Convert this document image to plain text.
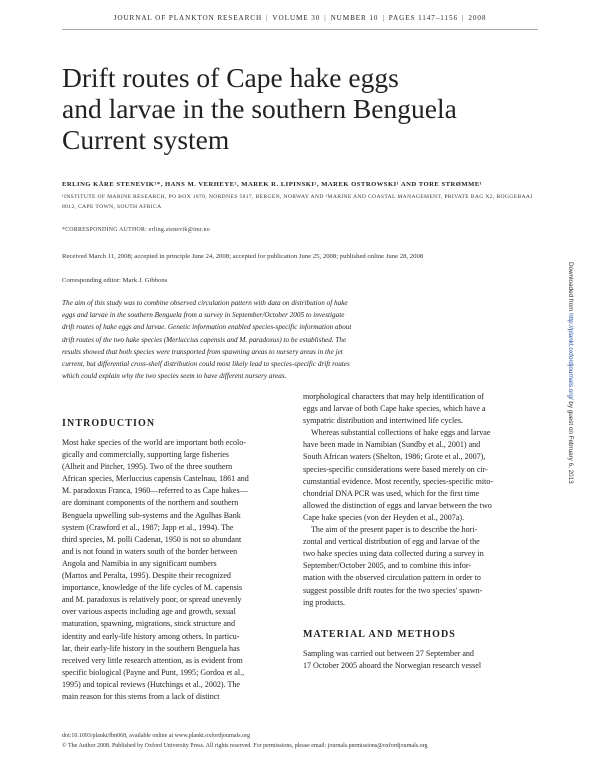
JOURNAL OF PLANKTON RESEARCH | VOLUME 30 | NUMBER 10 | PAGES 1147–1156 | 2008
Drift routes of Cape hake eggs
and larvae in the southern Benguela
Current system
ERLING KÅRE STENEVIK¹*, HANS M. VERHEYE², MAREK R. LIPINSKI², MAREK OSTROWSKI¹ AND TORE STRØMME¹
¹INSTITUTE OF MARINE RESEARCH, PO BOX 1870, NORDNES 5817, BERGEN, NORWAY AND ²MARINE AND COASTAL MANAGEMENT, PRIVATE BAG X2, ROGGEBAAI
8012, CAPE TOWN, SOUTH AFRICA
*CORRESPONDING AUTHOR: erling.stenevik@imr.no
Received March 11, 2008; accepted in principle June 24, 2008; accepted for publication June 25, 2008; published online June 28, 2008
Corresponding editor: Mark J. Gibbons
The aim of this study was to combine observed circulation pattern with data on distribution of hake
eggs and larvae in the southern Benguela from a survey in September/October 2005 to investigate
drift routes of hake eggs and larvae. Genetic information enabled species-specific information about
drift routes of the two hake species (Merluccius capensis and M. paradoxus) to be established. The
results showed that both species were transported from spawning areas to nursery areas in the jet
current, but differential cross-shelf distribution could most likely lead to species-specific drift routes
which could explain why the two species seem to have different nursery areas.
Downloaded from http://plankt.oxfordjournals.org/ by guest on February 6, 2013
INTRODUCTION
Most hake species of the world are important both ecolo-
gically and commercially, supporting large fisheries
(Alheit and Pitcher, 1995). Two of the three southern
African species, Merluccius capensis Castelnau, 1861 and
M. paradoxus Franca, 1960—referred to as Cape hakes—
are dominant components of the northern and southern
Benguela upwelling sub-systems and the Agulhas Bank
system (Crawford et al., 1987; Japp et al., 1994). The
third species, M. polli Cadenat, 1950 is not so abundant
and is not found in waters south of the border between
Angola and Namibia in any significant numbers
(Martos and Peralta, 1995). Despite their recognized
importance, knowledge of the life cycles of M. capensis
and M. paradoxus is relatively poor, or spread unevenly
over various aspects including age and growth, sexual
maturation, spawning, migrations, stock structure and
identity and early-life history among others. In particu-
lar, their early-life history in the southern Benguela has
received very little research attention, as is evident from
specific biological (Payne and Punt, 1995; Gordoa et al.,
1995) and topical reviews (Hutchings et al., 2002). The
main reason for this stems from a lack of distinct
morphological characters that may help identification of
eggs and larvae of both Cape hake species, which have a
sympatric distribution and intertwined life cycles.
Whereas substantial collections of hake eggs and larvae
have been made in Namibian (Sundby et al., 2001) and
South African waters (Shelton, 1986; Grote et al., 2007),
species-specific considerations were based merely on cir-
cumstantial evidence. Most recently, species-specific mito-
chondrial DNA PCR was used, which for the first time
allowed the distinction of eggs and larvae between the two
Cape hake species (von der Heyden et al., 2007a).
The aim of the present paper is to describe the hori-
zontal and vertical distribution of egg and larvae of the
two hake species using data collected during a survey in
September/October 2005, and to combine this infor-
mation with the observed circulation pattern in order to
suggest possible drift routes for the two species' spawn-
ing products.
MATERIAL AND METHODS
Sampling was carried out between 27 September and
17 October 2005 aboard the Norwegian research vessel
doi:10.1093/plankt/fbn068, available online at www.plankt.oxfordjournals.org
© The Author 2008. Published by Oxford University Press. All rights reserved. For permissions, please email: journals.permissions@oxfordjournals.org
